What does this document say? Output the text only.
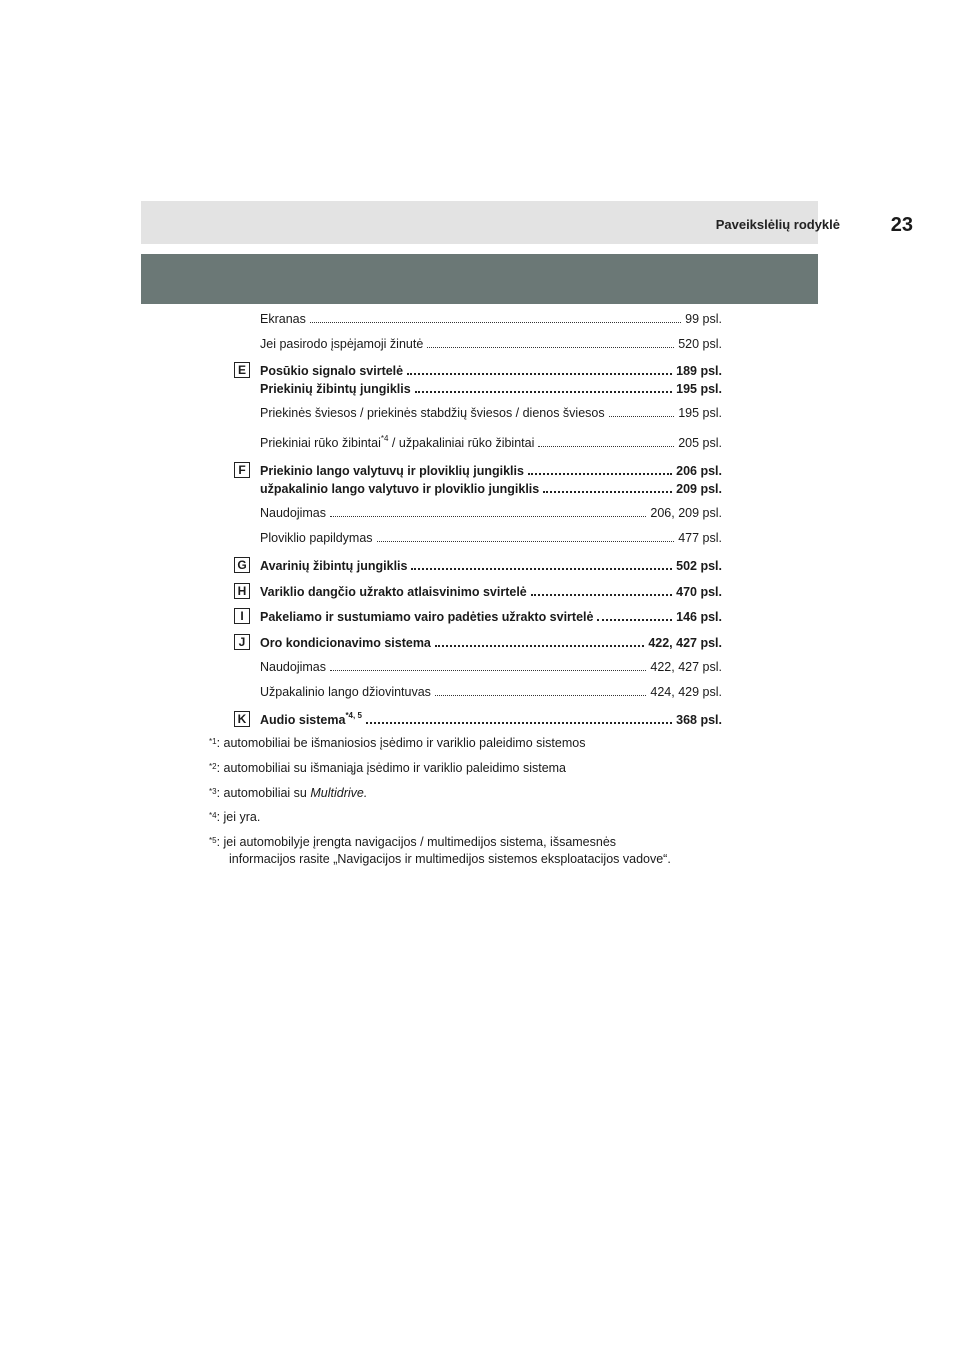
Paveikslėlių rodyklė	23
Ekranas	99 psl.
Jei pasirodo įspėjamoji žinutė	520 psl.
E	Posūkio signalo svirtelė	189 psl.
Priekinių žibintų jungiklis	195 psl.
Priekinės šviesos / priekinės stabdžių šviesos / dienos šviesos	195 psl.
Priekiniai rūko žibintai$^{*4}$ / užpakaliniai rūko žibintai	205 psl.
F	Priekinio lango valytuvų ir ploviklių jungiklis	206 psl.
užpakalinio lango valytuvo ir ploviklio jungiklis	209 psl.
Naudojimas	206, 209 psl.
Ploviklio papildymas	477 psl.
G Avarinių žibintų jungiklis	502 psl.
H Variklio dangčio užrakto atlaisvinimo svirtelė	470 psl.
I	Pakeliamo ir sustumiamo vairo padėties užrakto svirtelė	146 psl.
J	Oro kondicionavimo sistema	422, 427 psl.
Naudojimas	422, 427 psl.
Užpakalinio lango džiovintuvas	424, 429 psl.
K Audio sistema$^{*4, 5}$	368 psl.
$^{*1}$: automobiliai be išmaniosios įsėdimo ir variklio paleidimo sistemos
$^{*2}$: automobiliai su išmaniąja įsėdimo ir variklio paleidimo sistema
$^{*3}$: automobiliai su Multidrive.
$^{*4}$: jei yra.
$^{*5}$: jei automobilyje įrengta navigacijos / multimedijos sistema, išsamesnės
informacijos rasite „Navigacijos ir multimedijos sistemos eksploatacijos vadove“.
